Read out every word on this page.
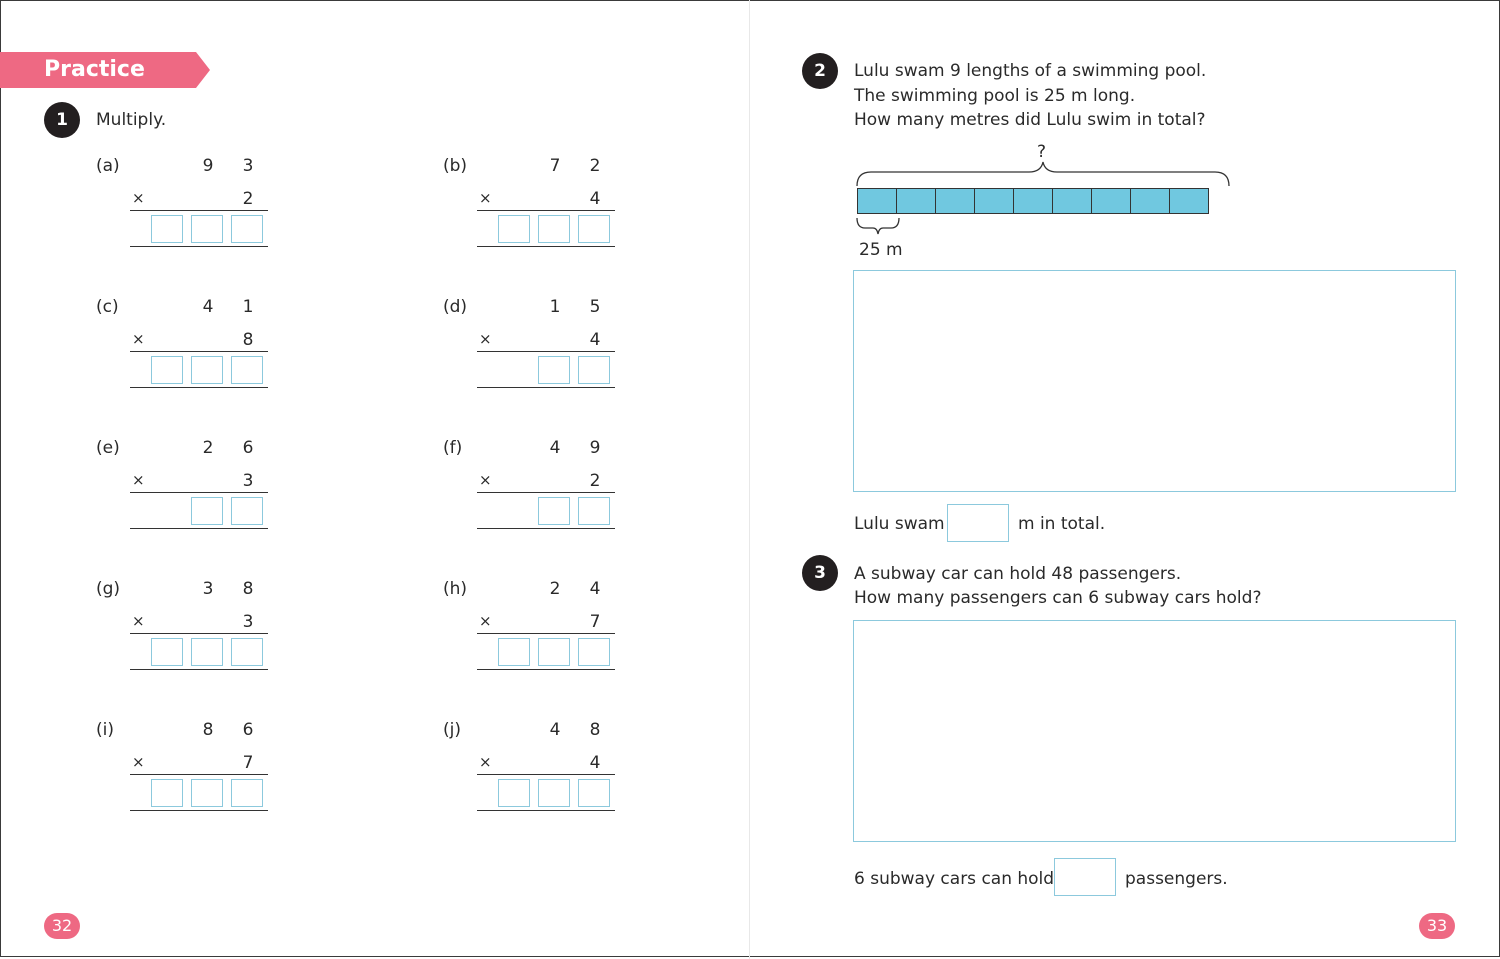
Practice
1	Multiply.
(a)	9 3
×	2
(b)	7 2
×	4
(c)	4 1
×	8
(d)	1 5
×	4
(e)	2 6
×	3
(f)	4 9
×	2
(g)	3 8
×	3
(h)	2 4
×	7
(i)	8 6
×	7
(j)	4 8
×	4
32
2	Lulu swam 9 lengths of a swimming pool.
The swimming pool is 25 m long.
How many metres did Lulu swim in total?
?
25 m
Lulu swam	m in total.
3	A subway car can hold 48 passengers.
How many passengers can 6 subway cars hold?
6 subway cars can hold	passengers.
33
